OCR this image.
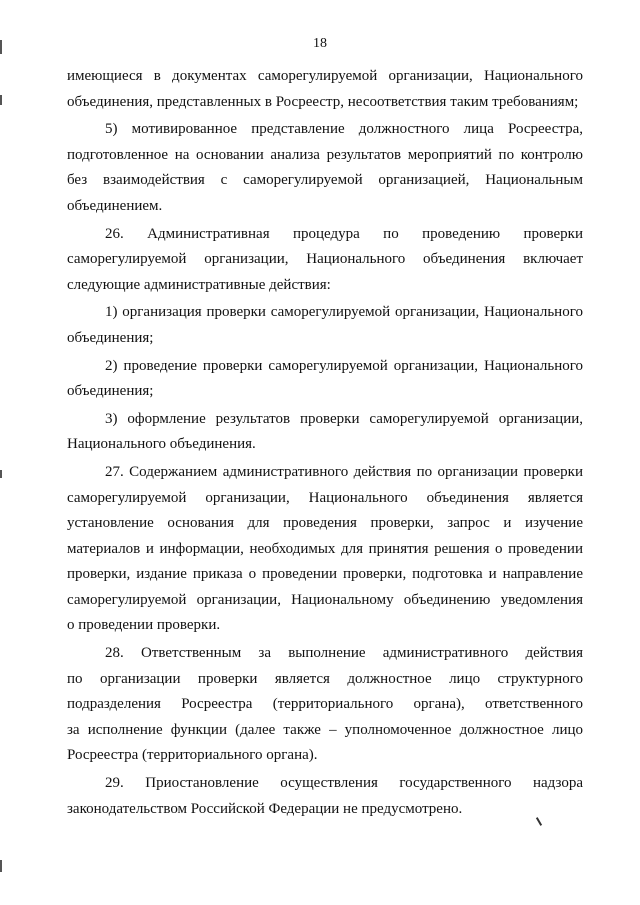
18
имеющиеся в документах саморегулируемой организации, Национального
объединения, представленных в Росреестр, несоответствия таким требованиям;
5) мотивированное представление должностного лица Росреестра,
подготовленное на основании анализа результатов мероприятий по контролю
без взаимодействия с саморегулируемой организацией, Национальным
объединением.
26. Административная процедура по проведению проверки
саморегулируемой организации, Национального объединения включает
следующие административные действия:
1) организация проверки саморегулируемой организации, Национального
объединения;
2) проведение проверки саморегулируемой организации, Национального
объединения;
3) оформление результатов проверки саморегулируемой организации,
Национального объединения.
27. Содержанием административного действия по организации проверки
саморегулируемой организации, Национального объединения является
установление основания для проведения проверки, запрос и изучение
материалов и информации, необходимых для принятия решения о проведении
проверки, издание приказа о проведении проверки, подготовка и направление
саморегулируемой организации, Национальному объединению уведомления
о проведении проверки.
28. Ответственным за выполнение административного действия
по организации проверки является должностное лицо структурного
подразделения Росреестра (территориального органа), ответственного
за исполнение функции (далее также – уполномоченное должностное лицо
Росреестра (территориального органа).
29. Приостановление осуществления государственного надзора
законодательством Российской Федерации не предусмотрено.
